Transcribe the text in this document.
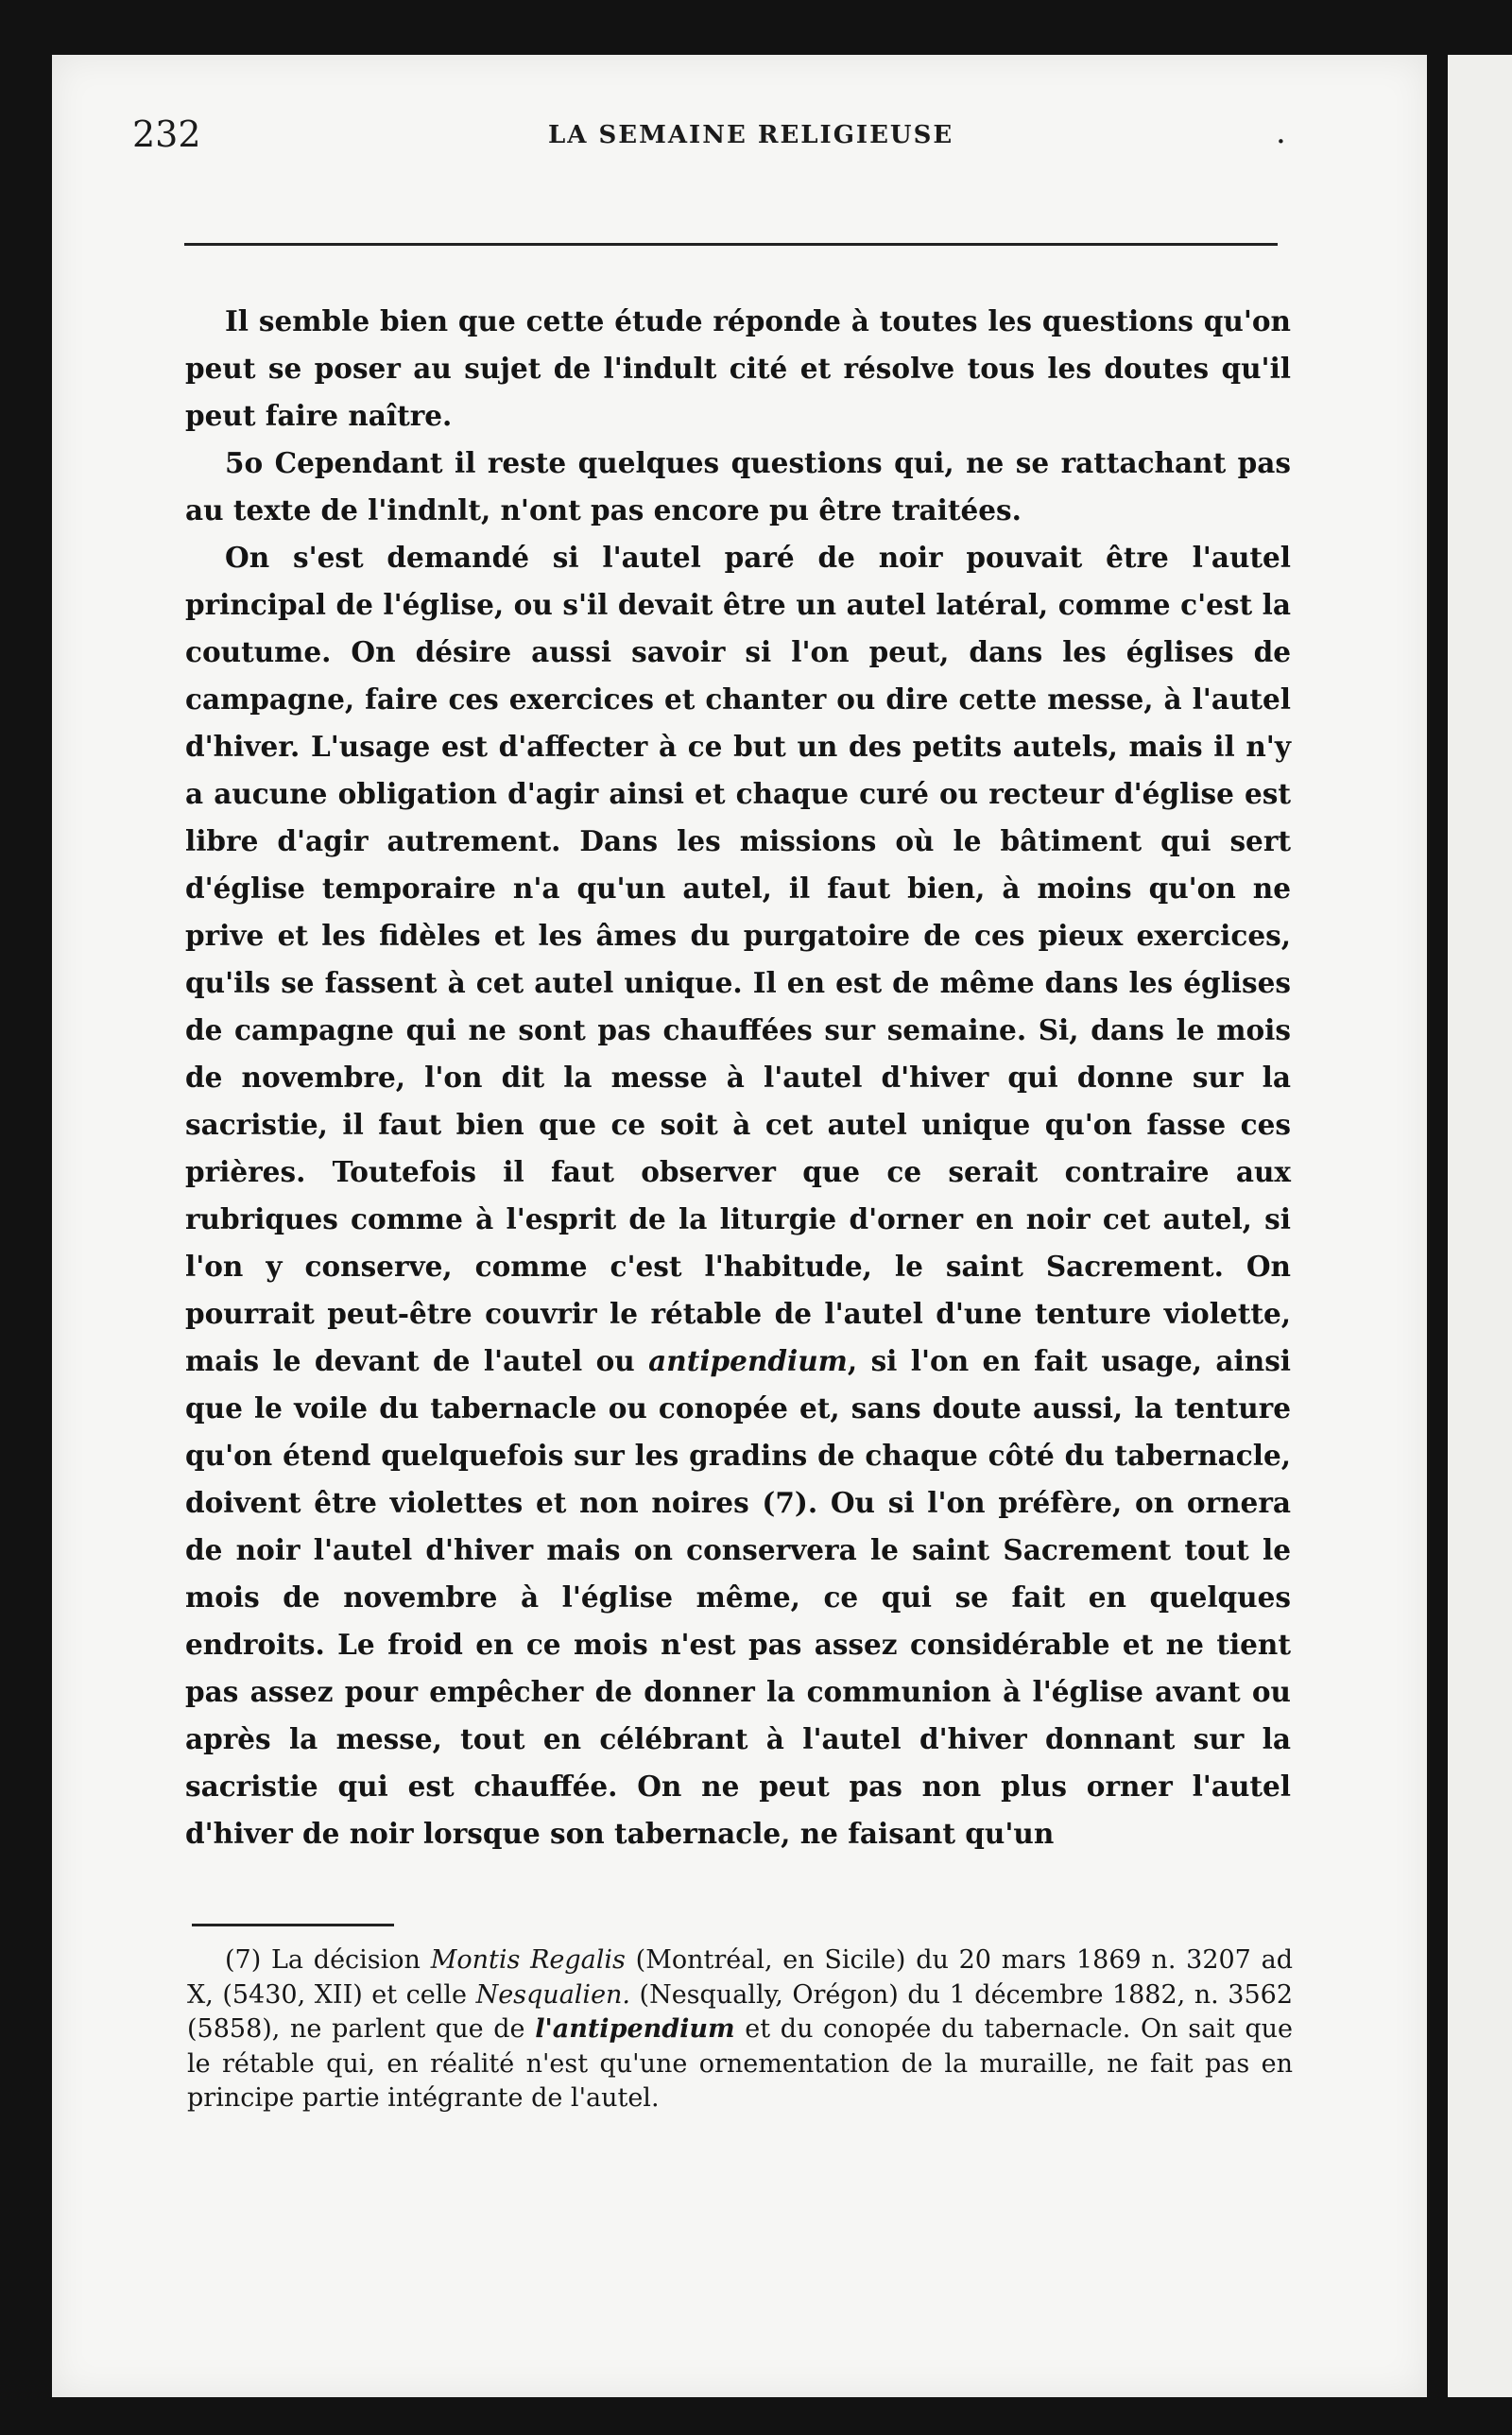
232	LA SEMAINE RELIGIEUSE	.

Il semble bien que cette étude réponde à toutes les questions qu'on peut se poser au sujet de l'indult cité et résolve tous les doutes qu'il peut faire naître.

5o Cependant il reste quelques questions qui, ne se rattachant pas au texte de l'indnlt, n'ont pas encore pu être traitées.

On s'est demandé si l'autel paré de noir pouvait être l'autel principal de l'église, ou s'il devait être un autel latéral, comme c'est la coutume. On désire aussi savoir si l'on peut, dans les églises de campagne, faire ces exercices et chanter ou dire cette messe, à l'autel d'hiver. L'usage est d'affecter à ce but un des petits autels, mais il n'y a aucune obligation d'agir ainsi et chaque curé ou recteur d'église est libre d'agir autrement. Dans les missions où le bâtiment qui sert d'église temporaire n'a qu'un autel, il faut bien, à moins qu'on ne prive et les fidèles et les âmes du purgatoire de ces pieux exercices, qu'ils se fassent à cet autel unique. Il en est de même dans les églises de campagne qui ne sont pas chauffées sur semaine. Si, dans le mois de novembre, l'on dit la messe à l'autel d'hiver qui donne sur la sacristie, il faut bien que ce soit à cet autel unique qu'on fasse ces prières. Toutefois il faut observer que ce serait contraire aux rubriques comme à l'esprit de la liturgie d'orner en noir cet autel, si l'on y conserve, comme c'est l'habitude, le saint Sacrement. On pourrait peut-être couvrir le rétable de l'autel d'une tenture violette, mais le devant de l'autel ou antipendium, si l'on en fait usage, ainsi que le voile du tabernacle ou conopée et, sans doute aussi, la tenture qu'on étend quelquefois sur les gradins de chaque côté du tabernacle, doivent être violettes et non noires (7). Ou si l'on préfère, on ornera de noir l'autel d'hiver mais on conservera le saint Sacrement tout le mois de novembre à l'église même, ce qui se fait en quelques endroits. Le froid en ce mois n'est pas assez considérable et ne tient pas assez pour empêcher de donner la communion à l'église avant ou après la messe, tout en célébrant à l'autel d'hiver donnant sur la sacristie qui est chauffée. On ne peut pas non plus orner l'autel d'hiver de noir lorsque son tabernacle, ne faisant qu'un

(7) La décision Montis Regalis (Montréal, en Sicile) du 20 mars 1869 n. 3207 ad X, (5430, XII) et celle Nesqualien. (Nesqually, Orégon) du 1 décembre 1882, n. 3562 (5858), ne parlent que de l'antipendium et du conopée du tabernacle. On sait que le rétable qui, en réalité n'est qu'une ornementation de la muraille, ne fait pas en principe partie intégrante de l'autel.
